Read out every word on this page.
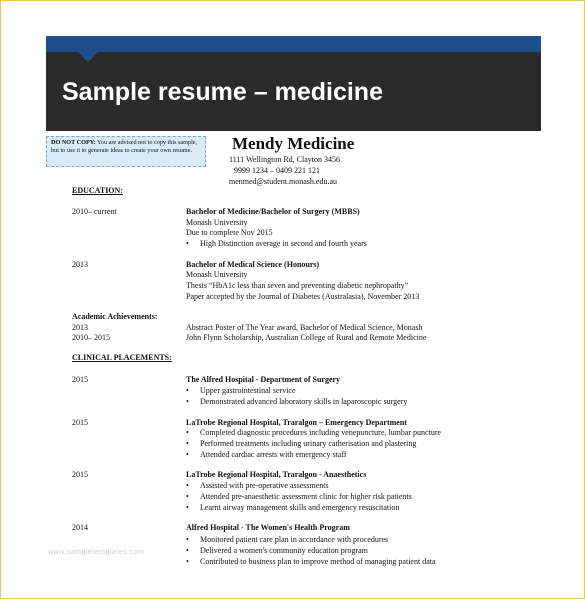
Sample resume – medicine
DO NOT COPY: You are advised not to copy this sample, but to use it to generate ideas to create your own resume.	Mendy Medicine
1111 Wellington Rd, Clayton 3456
9999 1234 – 0409 221 121
menmed@student.monash.edu.au
EDUCATION:
2010– current	Bachelor of Medicine/Bachelor of Surgery (MBBS)
Monash University
Due to complete Nov 2015
• High Distinction average in second and fourth years
2013	Bachelor of Medical Science (Honours)
Monash University
Thesis “HbA1c less than seven and preventing diabetic nephropathy”
Paper accepted by the Journal of Diabetes (Australasia), November 2013
Academic Achievements:
2013	Abstract Poster of The Year award, Bachelor of Medical Science, Monash
2010– 2015	John Flynn Scholarship, Australian College of Rural and Remote Medicine
CLINICAL PLACEMENTS:
2015	The Alfred Hospital - Department of Surgery
• Upper gastrointestinal service
• Demonstrated advanced laboratory skills in laparoscopic surgery
2015	LaTrobe Regional Hospital, Traralgon – Emergency Department
• Completed diagnostic procedures including venepuncture, lumbar puncture
• Performed treatments including urinary catherisation and plastering
• Attended cardiac arrests with emergency staff
2015	LaTrobe Regional Hospital, Traralgon - Anaesthetics
• Assisted with pre-operative assessments
• Attended pre-anaesthetic assessment clinic for higher risk patients
• Learnt airway management skills and emergency resuscitation
2014	Alfred Hospital - The Women's Health Program
• Monitored patient care plan in accordance with procedures
• Delivered a women's community education program
• Contributed to business plan to improve method of managing patient data
www.sampletemplates.com
